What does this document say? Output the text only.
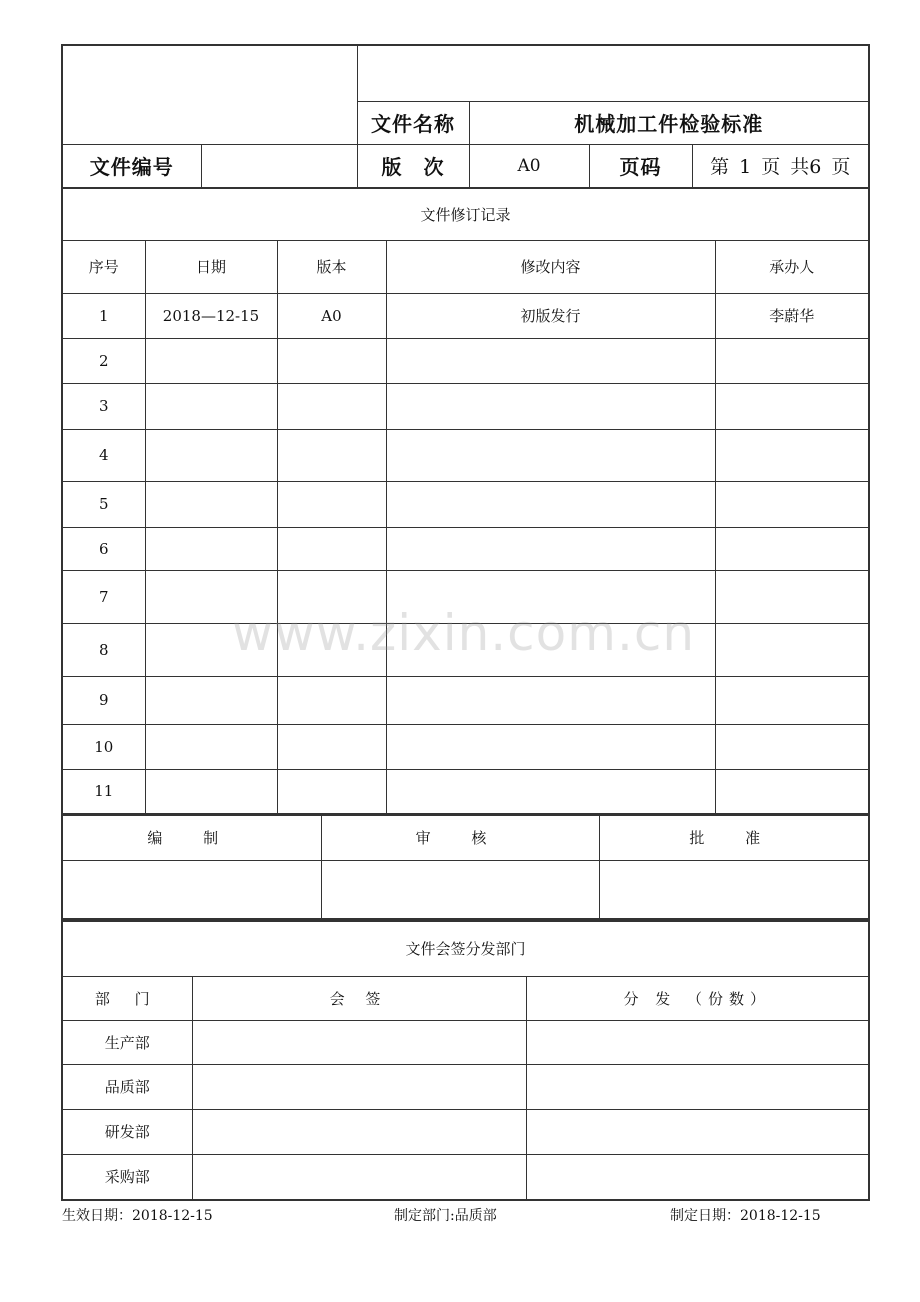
		文件名称	机械加工件检验标准		
文件编号		版　次	A0	页码	第 1 页 共6 页
文件修订记录				
序号	日期	版本	修改内容	承办人
1	2018—12-15	A0	初版发行	李蔚华
2				
3				
4				
5				
6				
7				
8				
9				
10				
11				
编 制	审 核	批 准

文件会签分发部门		
部 门	会 签	分 发 （份数）
生产部		
品质部		
研发部		
采购部		
生效日期：2018-12-15	制定部门:品质部	制定日期：2018-12-15
www.zixin.com.cn
